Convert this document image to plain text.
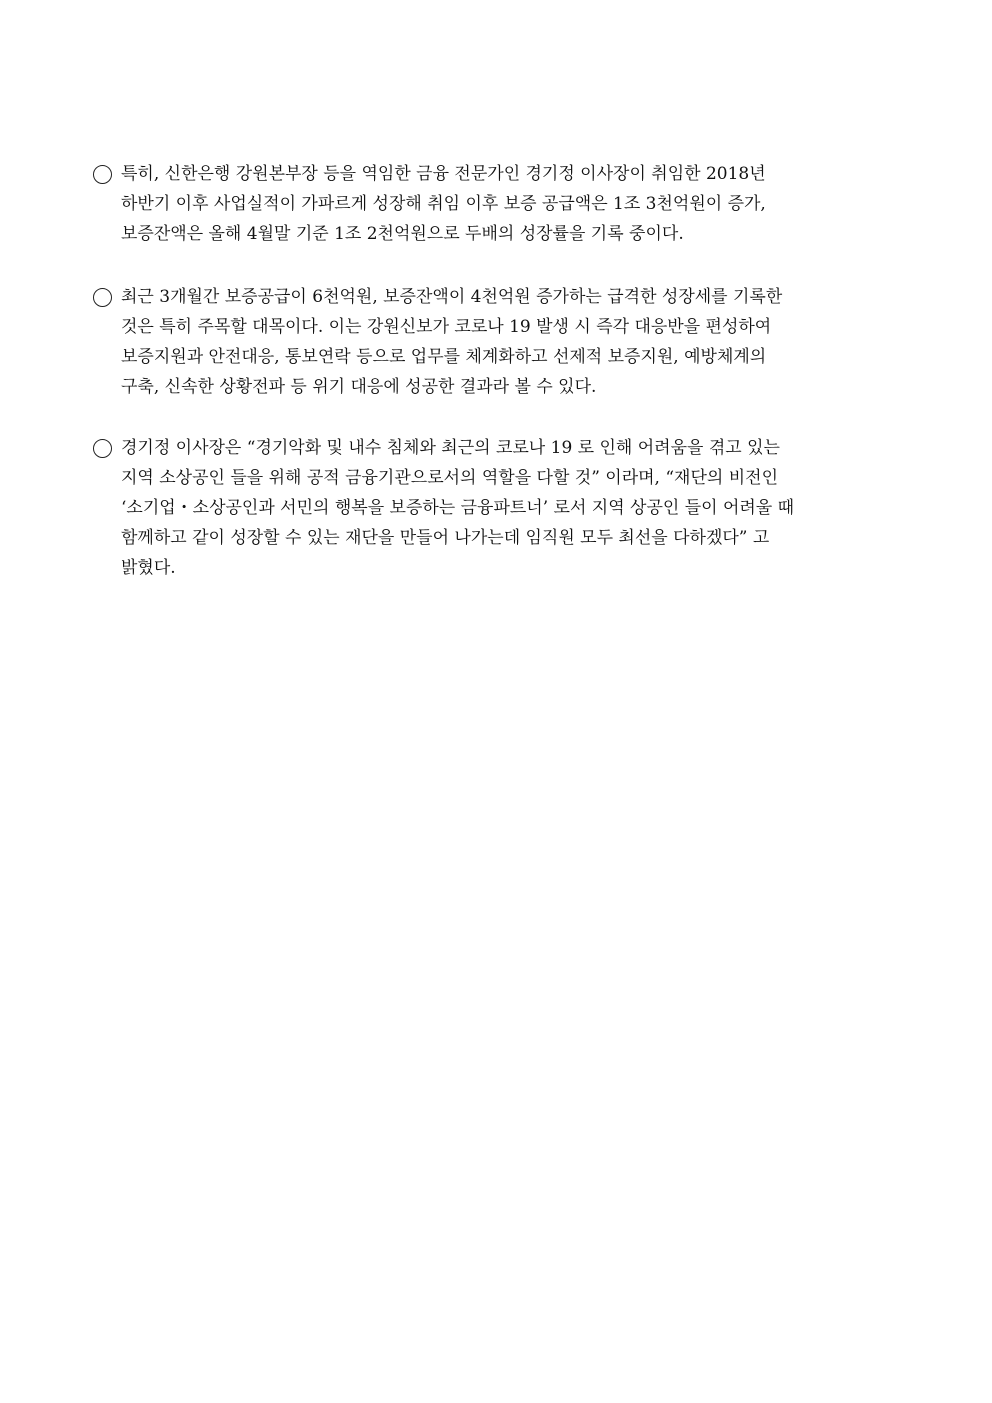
특히, 신한은행 강원본부장 등을 역임한 금융 전문가인 경기정 이사장이 취임한 2018년
하반기 이후 사업실적이 가파르게 성장해 취임 이후 보증 공급액은 1조 3천억원이 증가,
보증잔액은 올해 4월말 기준 1조 2천억원으로 두배의 성장률을 기록 중이다.
최근 3개월간 보증공급이 6천억원, 보증잔액이 4천억원 증가하는 급격한 성장세를 기록한
것은 특히 주목할 대목이다. 이는 강원신보가 코로나 19 발생 시 즉각 대응반을 편성하여
보증지원과 안전대응, 통보연락 등으로 업무를 체계화하고 선제적 보증지원, 예방체계의
구축, 신속한 상황전파 등 위기 대응에 성공한 결과라 볼 수 있다.
경기정 이사장은 “경기악화 및 내수 침체와 최근의 코로나 19 로 인해 어려움을 겪고 있는
지역 소상공인 들을 위해 공적 금융기관으로서의 역할을 다할 것” 이라며, “재단의 비전인
‘소기업・소상공인과 서민의 행복을 보증하는 금융파트너’ 로서 지역 상공인 들이 어려울 때
함께하고 같이 성장할 수 있는 재단을 만들어 나가는데 임직원 모두 최선을 다하겠다” 고
밝혔다.
